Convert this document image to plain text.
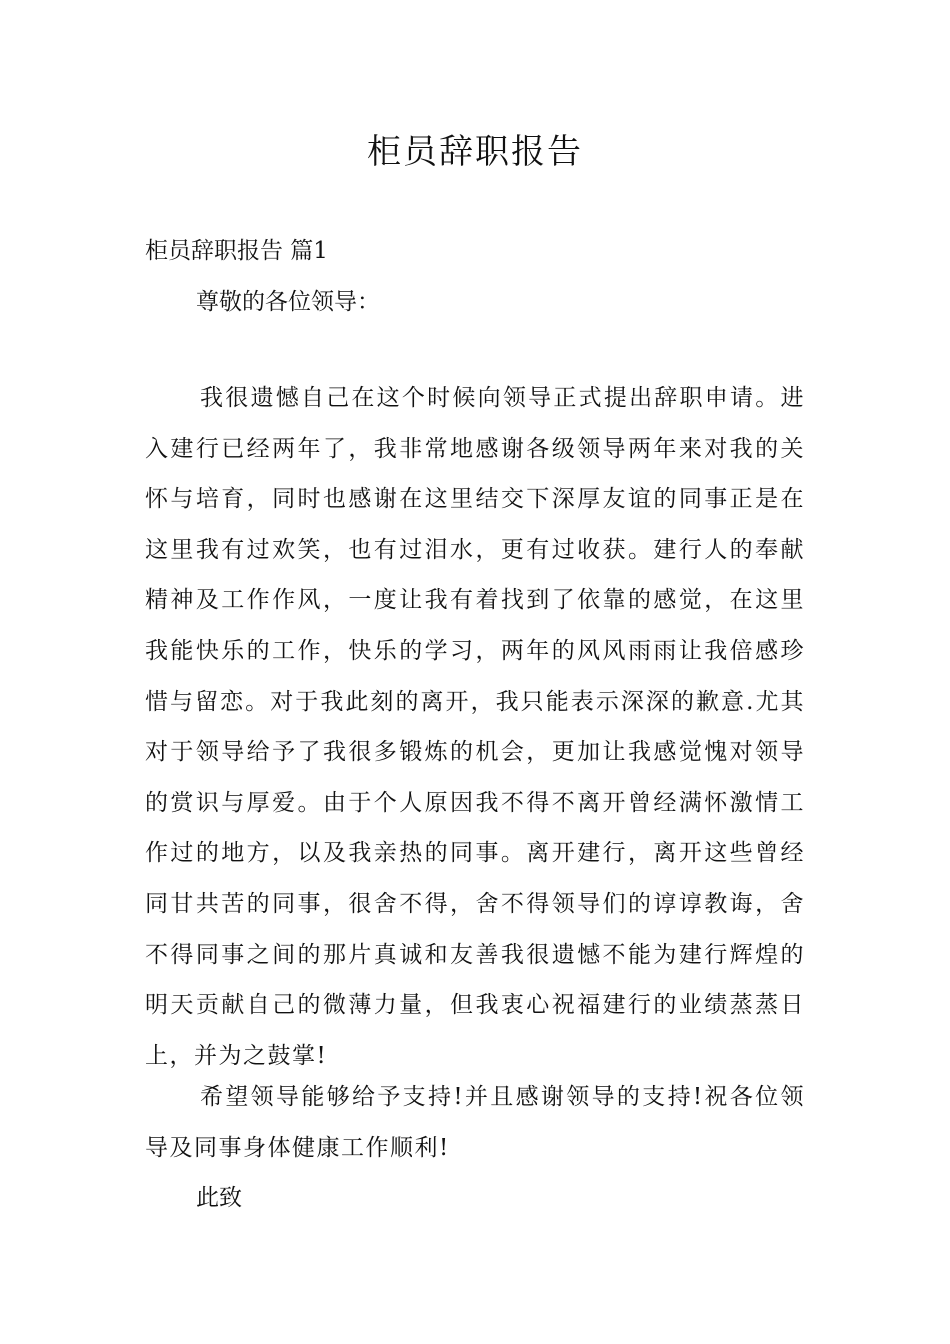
柜员辞职报告
柜员辞职报告 篇1
尊敬的各位领导：
我很遗憾自己在这个时候向领导正式提出辞职申请。进入建行已经两年了，我非常地感谢各级领导两年来对我的关怀与培育，同时也感谢在这里结交下深厚友谊的同事正是在这里我有过欢笑，也有过泪水，更有过收获。建行人的奉献精神及工作作风，一度让我有着找到了依靠的感觉，在这里我能快乐的工作，快乐的学习，两年的风风雨雨让我倍感珍惜与留恋。对于我此刻的离开，我只能表示深深的歉意.尤其对于领导给予了我很多锻炼的机会，更加让我感觉愧对领导的赏识与厚爱。由于个人原因我不得不离开曾经满怀激情工作过的地方，以及我亲热的同事。离开建行，离开这些曾经同甘共苦的同事，很舍不得，舍不得领导们的谆谆教诲，舍不得同事之间的那片真诚和友善我很遗憾不能为建行辉煌的明天贡献自己的微薄力量，但我衷心祝福建行的业绩蒸蒸日上，并为之鼓掌!
希望领导能够给予支持!并且感谢领导的支持!祝各位领导及同事身体健康工作顺利!
此致
